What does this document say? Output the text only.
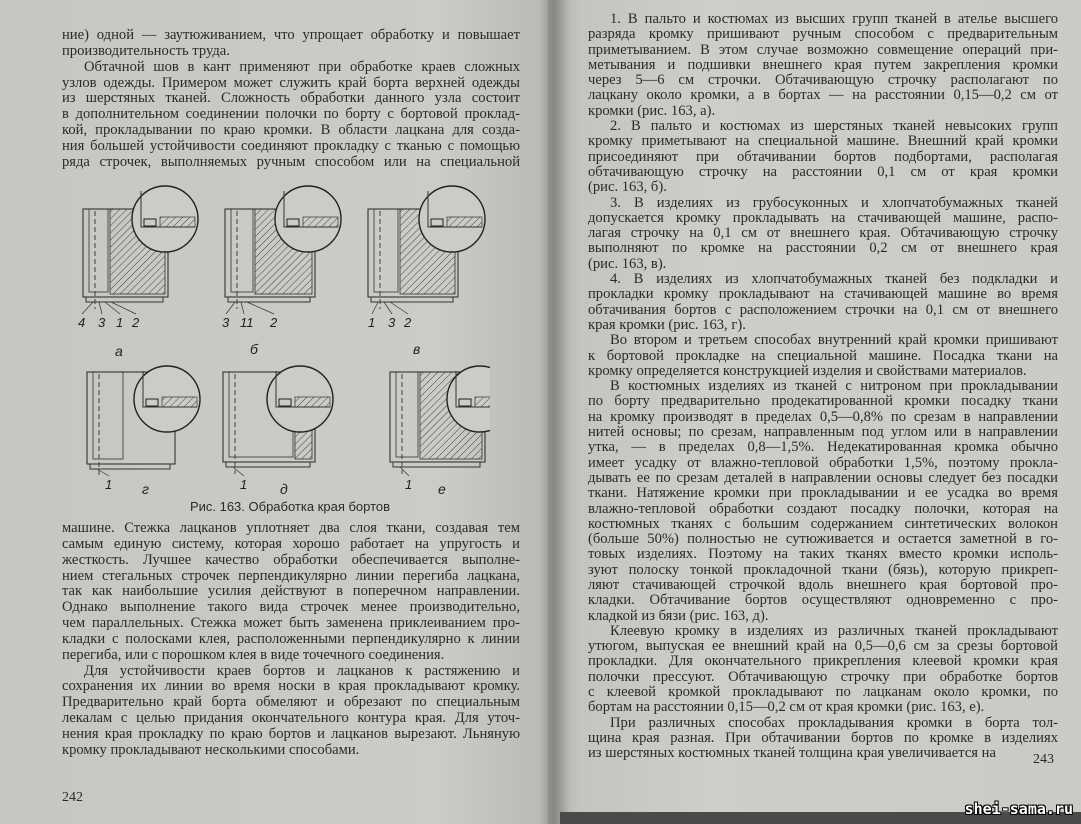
ние) одной — заутюживанием, что упрощает обработку и повышает
производительность труда.
Обтачной шов в кант применяют при обработке краев сложных
узлов одежды. Примером может служить край борта верхней одежды
из шерстяных тканей. Сложность обработки данного узла состоит
в дополнительном соединении полочки по борту с бортовой проклад-
кой, прокладывании по краю кромки. В области лацкана для созда-
ния большей устойчивости соединяют прокладку с тканью с помощью
ряда строчек, выполняемых ручным способом или на специальной
4 3 1 2
а
3 11 2
б
1 3 2
в
1 г	1 д	1 е
Рис. 163. Обработка края бортов
машине. Стежка лацканов уплотняет два слоя ткани, создавая тем
самым единую систему, которая хорошо работает на упругость и
жесткость. Лучшее качество обработки обеспечивается выполне-
нием стегальных строчек перпендикулярно линии перегиба лацкана,
так как наибольшие усилия действуют в поперечном направлении.
Однако выполнение такого вида строчек менее производительно,
чем параллельных. Стежка может быть заменена приклеиванием про-
кладки с полосками клея, расположенными перпендикулярно к линии
перегиба, или с порошком клея в виде точечного соединения.
Для устойчивости краев бортов и лацканов к растяжению и
сохранения их линии во время носки в края прокладывают кромку.
Предварительно край борта обмеляют и обрезают по специальным
лекалам с целью придания окончательного контура края. Для уточ-
нения края прокладку по краю бортов и лацканов вырезают. Льняную
кромку прокладывают несколькими способами.
242
1. В пальто и костюмах из высших групп тканей в ателье высшего
разряда кромку пришивают ручным способом с предварительным
приметыванием. В этом случае возможно совмещение операций при-
метывания и подшивки внешнего края путем закрепления кромки
через 5—6 см строчки. Обтачивающую строчку располагают по
лацкану около кромки, а в бортах — на расстоянии 0,15—0,2 см от
кромки (рис. 163, а).
2. В пальто и костюмах из шерстяных тканей невысоких групп
кромку приметывают на специальной машине. Внешний край кромки
присоединяют при обтачивании бортов подбортами, располагая
обтачивающую строчку на расстоянии 0,1 см от края кромки
(рис. 163, б).
3. В изделиях из грубосуконных и хлопчатобумажных тканей
допускается кромку прокладывать на стачивающей машине, распо-
лагая строчку на 0,1 см от внешнего края. Обтачивающую строчку
выполняют по кромке на расстоянии 0,2 см от внешнего края
(рис. 163, в).
4. В изделиях из хлопчатобумажных тканей без подкладки и
прокладки кромку прокладывают на стачивающей машине во время
обтачивания бортов с расположением строчки на 0,1 см от внешнего
края кромки (рис. 163, г).
Во втором и третьем способах внутренний край кромки пришивают
к бортовой прокладке на специальной машине. Посадка ткани на
кромку определяется конструкцией изделия и свойствами материалов.
В костюмных изделиях из тканей с нитроном при прокладывании
по борту предварительно продекатированной кромки посадку ткани
на кромку производят в пределах 0,5—0,8% по срезам в направлении
нитей основы; по срезам, направленным под углом или в направлении
утка, — в пределах 0,8—1,5%. Недекатированная кромка обычно
имеет усадку от влажно-тепловой обработки 1,5%, поэтому прокла-
дывать ее по срезам деталей в направлении основы следует без посадки
ткани. Натяжение кромки при прокладывании и ее усадка во время
влажно-тепловой обработки создают посадку полочки, которая на
костюмных тканях с большим содержанием синтетических волокон
(больше 50%) полностью не сутюживается и остается заметной в го-
товых изделиях. Поэтому на таких тканях вместо кромки исполь-
зуют полоску тонкой прокладочной ткани (бязь), которую прикреп-
ляют стачивающей строчкой вдоль внешнего края бортовой про-
кладки. Обтачивание бортов осуществляют одновременно с про-
кладкой из бязи (рис. 163, д).
Клеевую кромку в изделиях из различных тканей прокладывают
утюгом, выпуская ее внешний край на 0,5—0,6 см за срезы бортовой
прокладки. Для окончательного прикрепления клеевой кромки края
полочки прессуют. Обтачивающую строчку при обработке бортов
с клеевой кромкой прокладывают по лацканам около кромки, по
бортам на расстоянии 0,15—0,2 см от края кромки (рис. 163, е).
При различных способах прокладывания кромки в борта тол-
щина края разная. При обтачивании бортов по кромке в изделиях
из шерстяных костюмных тканей толщина края увеличивается на	243
shei-sama.ru
